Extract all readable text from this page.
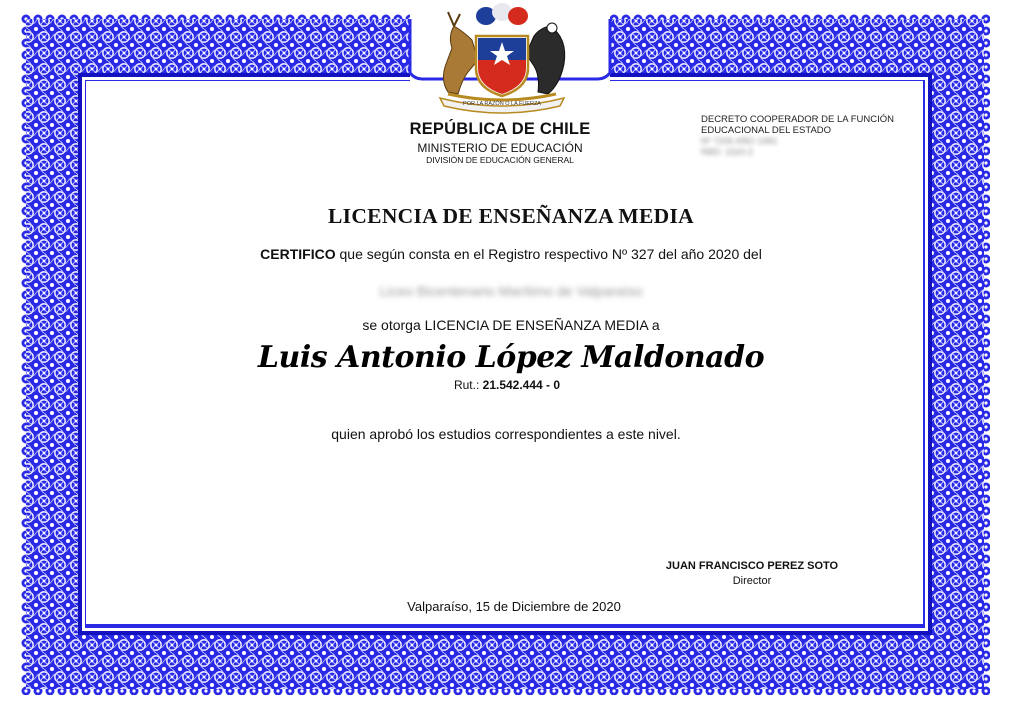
POR LA RAZÓN O LA FUERZA
REPÚBLICA DE CHILE
MINISTERIO DE EDUCACIÓN
DIVISIÓN DE EDUCACIÓN GENERAL
DECRETO COOPERADOR DE LA FUNCIÓN
EDUCACIONAL DEL ESTADO
Nº 7206 AÑO 1981
RBD: 1520-2
LICENCIA DE ENSEÑANZA MEDIA
CERTIFICO que según consta en el Registro respectivo Nº 327 del año 2020 del
Liceo Bicentenario Marítimo de Valparaíso
se otorga LICENCIA DE ENSEÑANZA MEDIA a
Luis Antonio López Maldonado
Rut.: 21.542.444 - 0
quien aprobó los estudios correspondientes a este nivel.
JUAN FRANCISCO PEREZ SOTO
Director
Valparaíso, 15 de Diciembre de 2020
